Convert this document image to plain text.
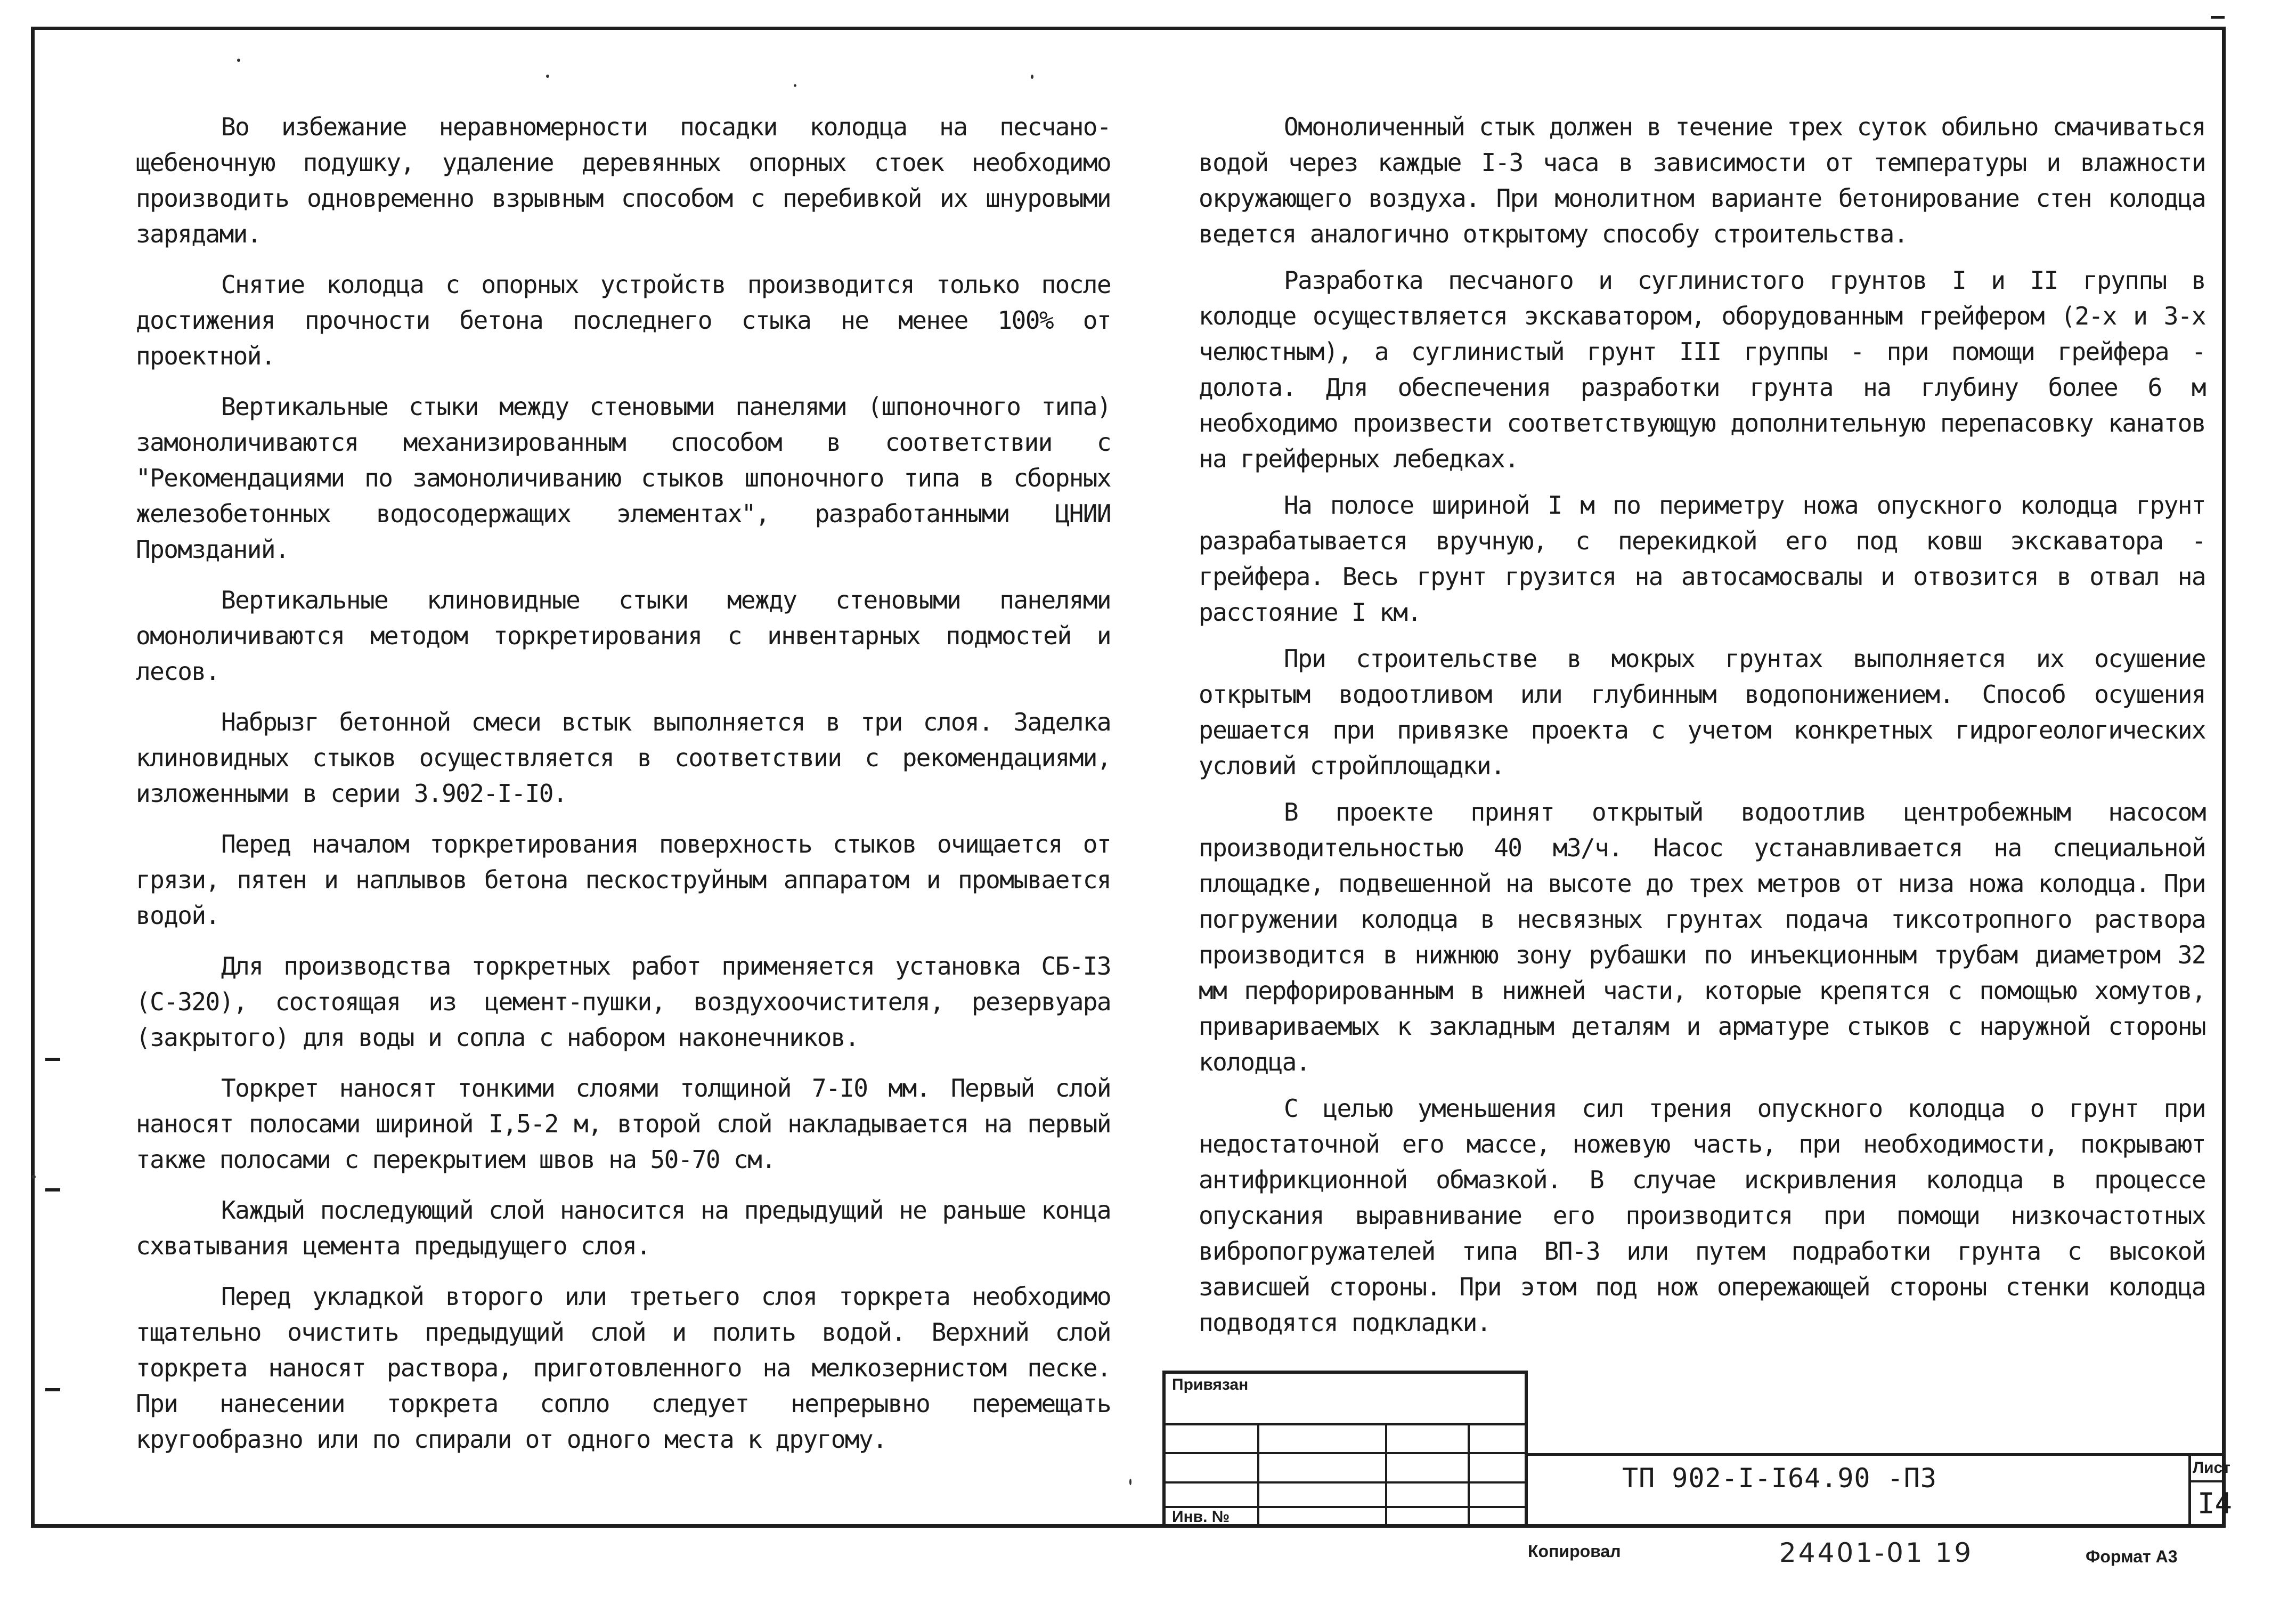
Во избежание неравномерности посадки колодца на песчано-щебеночную подушку, удаление деревянных опорных стоек необходимо производить одновременно взрывным способом с перебивкой их шнуровыми зарядами.

Снятие колодца с опорных устройств производится только после достижения прочности бетона последнего стыка не менее 100% от проектной.

Вертикальные стыки между стеновыми панелями (шпоночного типа) замоноличиваются механизированным способом в соответствии с "Рекомендациями по замоноличиванию стыков шпоночного типа в сборных железобетонных водосодержащих элементах", разработанными ЦНИИ Промзданий.

Вертикальные клиновидные стыки между стеновыми панелями омоноличиваются методом торкретирования с инвентарных подмостей и лесов.

Набрызг бетонной смеси встык выполняется в три слоя. Заделка клиновидных стыков осуществляется в соответствии с рекомендациями, изложенными в серии 3.902-I-I0.

Перед началом торкретирования поверхность стыков очищается от грязи, пятен и наплывов бетона пескоструйным аппаратом и промывается водой.

Для производства торкретных работ применяется установка СБ-I3 (С-320), состоящая из цемент-пушки, воздухоочистителя, резервуара (закрытого) для воды и сопла с набором наконечников.

Торкрет наносят тонкими слоями толщиной 7-I0 мм. Первый слой наносят полосами шириной I,5-2 м, второй слой накладывается на первый также полосами с перекрытием швов на 50-70 см.

Каждый последующий слой наносится на предыдущий не раньше конца схватывания цемента предыдущего слоя.

Перед укладкой второго или третьего слоя торкрета необходимо тщательно очистить предыдущий слой и полить водой. Верхний слой торкрета наносят раствора, приготовленного на мелкозернистом песке. При нанесении торкрета сопло следует непрерывно перемещать кругообразно или по спирали от одного места к другому.

Омоноличенный стык должен в течение трех суток обильно смачиваться водой через каждые I-3 часа в зависимости от температуры и влажности окружающего воздуха. При монолитном варианте бетонирование стен колодца ведется аналогично открытому способу строительства.

Разработка песчаного и суглинистого грунтов I и II группы в колодце осуществляется экскаватором, оборудованным грейфером (2-х и 3-х челюстным), а суглинистый грунт III группы - при помощи грейфера - долота. Для обеспечения разработки грунта на глубину более 6 м необходимо произвести соответствующую дополнительную перепасовку канатов на грейферных лебедках.

На полосе шириной I м по периметру ножа опускного колодца грунт разрабатывается вручную, с перекидкой его под ковш экскаватора - грейфера. Весь грунт грузится на автосамосвалы и отвозится в отвал на расстояние I км.

При строительстве в мокрых грунтах выполняется их осушение открытым водоотливом или глубинным водопонижением. Способ осушения решается при привязке проекта с учетом конкретных гидрогеологических условий стройплощадки.

В проекте принят открытый водоотлив центробежным насосом производительностью 40 м3/ч. Насос устанавливается на специальной площадке, подвешенной на высоте до трех метров от низа ножа колодца. При погружении колодца в несвязных грунтах подача тиксотропного раствора производится в нижнюю зону рубашки по инъекционным трубам диаметром 32 мм перфорированным в нижней части, которые крепятся с помощью хомутов, привариваемых к закладным деталям и арматуре стыков с наружной стороны колодца.

С целью уменьшения сил трения опускного колодца о грунт при недостаточной его массе, ножевую часть, при необходимости, покрывают антифрикционной обмазкой. В случае искривления колодца в процессе опускания выравнивание его производится при помощи низкочастотных вибропогружателей типа ВП-3 или путем подработки грунта с высокой зависшей стороны. При этом под нож опережающей стороны стенки колодца подводятся подкладки.

Привязан
Инв. №
ТП 902-I-I64.90 -ПЗ	Лист
I4
Копировал	24401-01 19	Формат А3
